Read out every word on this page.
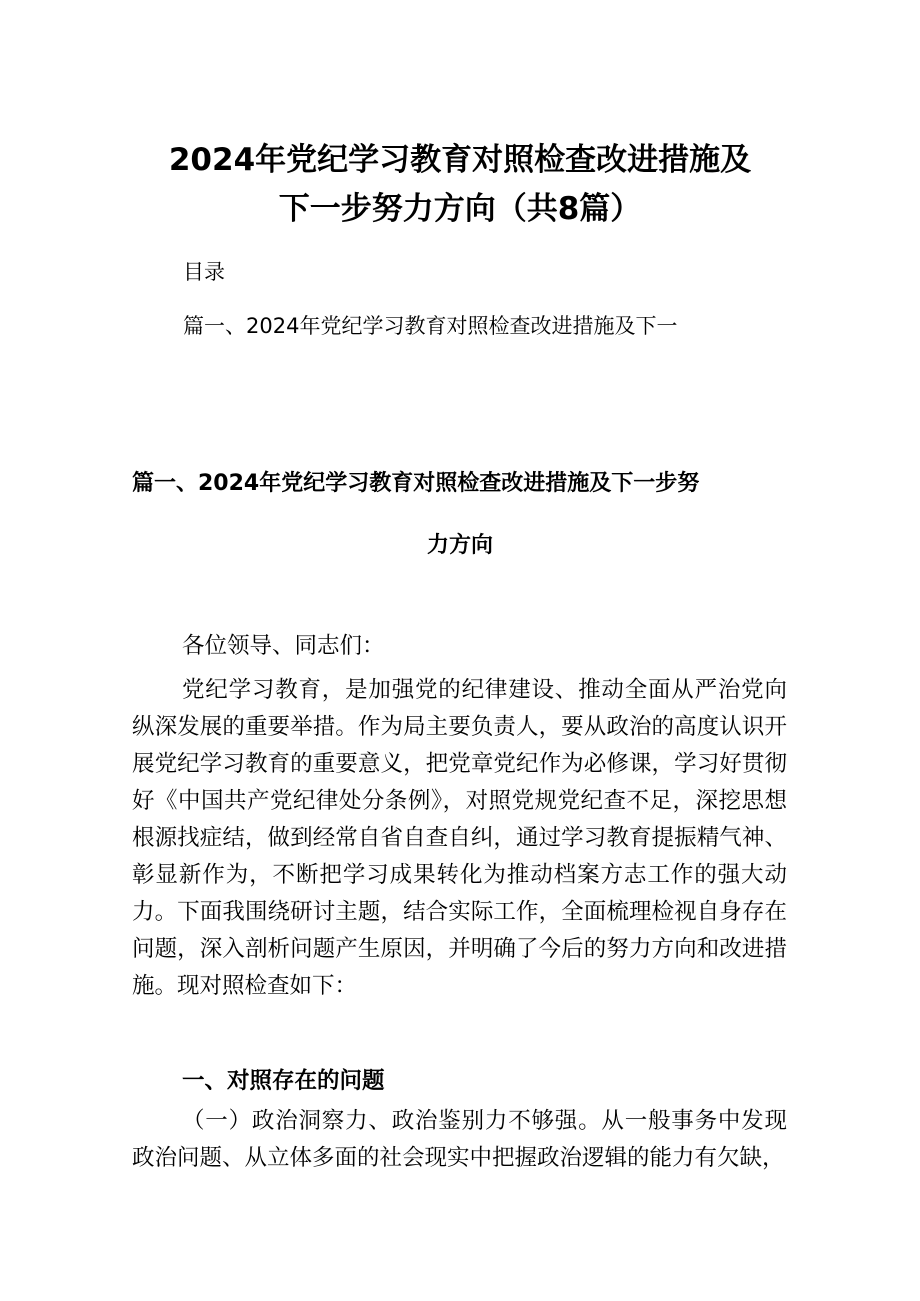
2024年党纪学习教育对照检查改进措施及
下一步努力方向（共8篇）
目录
篇一、2024年党纪学习教育对照检查改进措施及下一
篇一、2024年党纪学习教育对照检查改进措施及下一步努
力方向
各位领导、同志们：
党纪学习教育，是加强党的纪律建设、推动全面从严治党向纵深发展的重要举措。作为局主要负责人，要从政治的高度认识开展党纪学习教育的重要意义，把党章党纪作为必修课，学习好贯彻好《中国共产党纪律处分条例》，对照党规党纪查不足，深挖思想根源找症结，做到经常自省自查自纠，通过学习教育提振精气神、彰显新作为，不断把学习成果转化为推动档案方志工作的强大动力。下面我围绕研讨主题，结合实际工作，全面梳理检视自身存在问题，深入剖析问题产生原因，并明确了今后的努力方向和改进措施。现对照检查如下：
一、对照存在的问题
（一）政治洞察力、政治鉴别力不够强。从一般事务中发现政治问题、从立体多面的社会现实中把握政治逻辑的能力有欠缺，
